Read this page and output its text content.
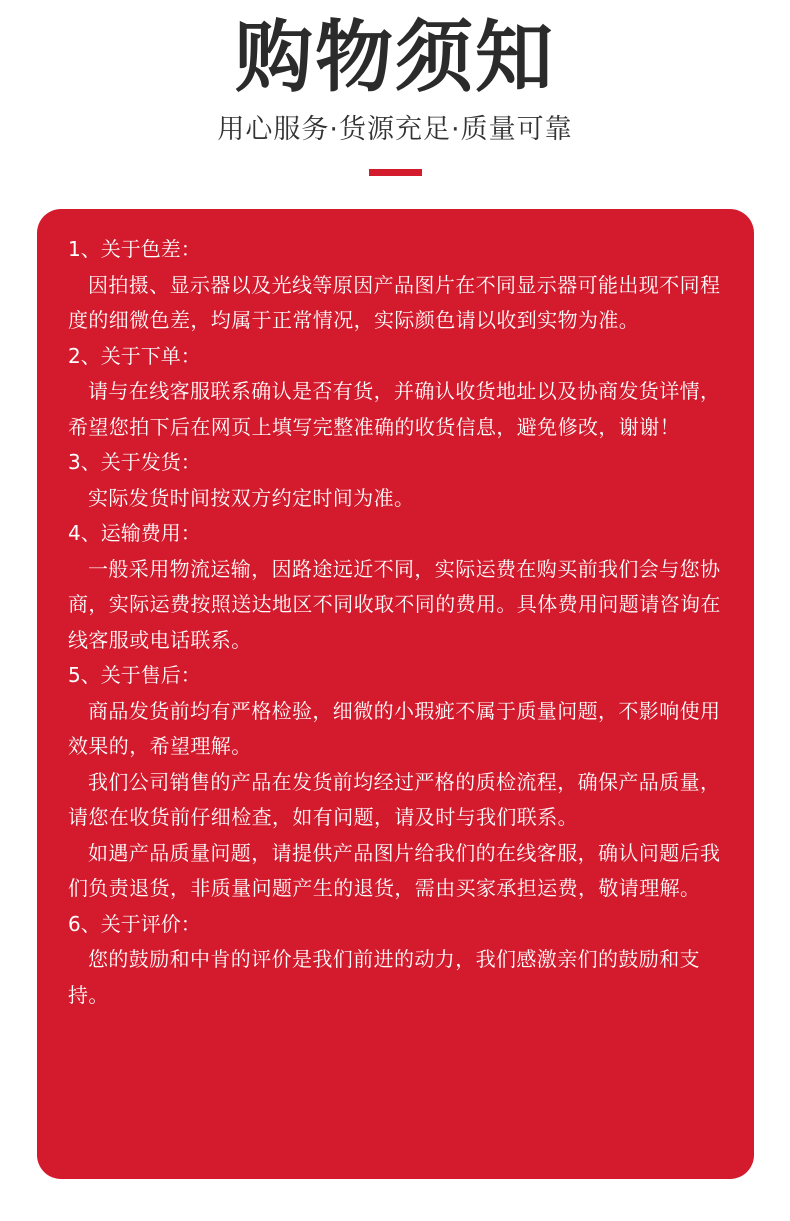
购物须知
用心服务·货源充足·质量可靠

1、关于色差：

因拍摄、显示器以及光线等原因产品图片在不同显示器可能出现不同程度的细微色差，均属于正常情况，实际颜色请以收到实物为准。

2、关于下单：

请与在线客服联系确认是否有货，并确认收货地址以及协商发货详情，希望您拍下后在网页上填写完整准确的收货信息，避免修改，谢谢！

3、关于发货：

实际发货时间按双方约定时间为准。

4、运输费用：

一般采用物流运输，因路途远近不同，实际运费在购买前我们会与您协商，实际运费按照送达地区不同收取不同的费用。具体费用问题请咨询在线客服或电话联系。

5、关于售后：

商品发货前均有严格检验，细微的小瑕疵不属于质量问题，不影响使用效果的，希望理解。

我们公司销售的产品在发货前均经过严格的质检流程，确保产品质量，请您在收货前仔细检查，如有问题，请及时与我们联系。

如遇产品质量问题，请提供产品图片给我们的在线客服，确认问题后我们负责退货，非质量问题产生的退货，需由买家承担运费，敬请理解。

6、关于评价：

您的鼓励和中肯的评价是我们前进的动力，我们感激亲们的鼓励和支持。
